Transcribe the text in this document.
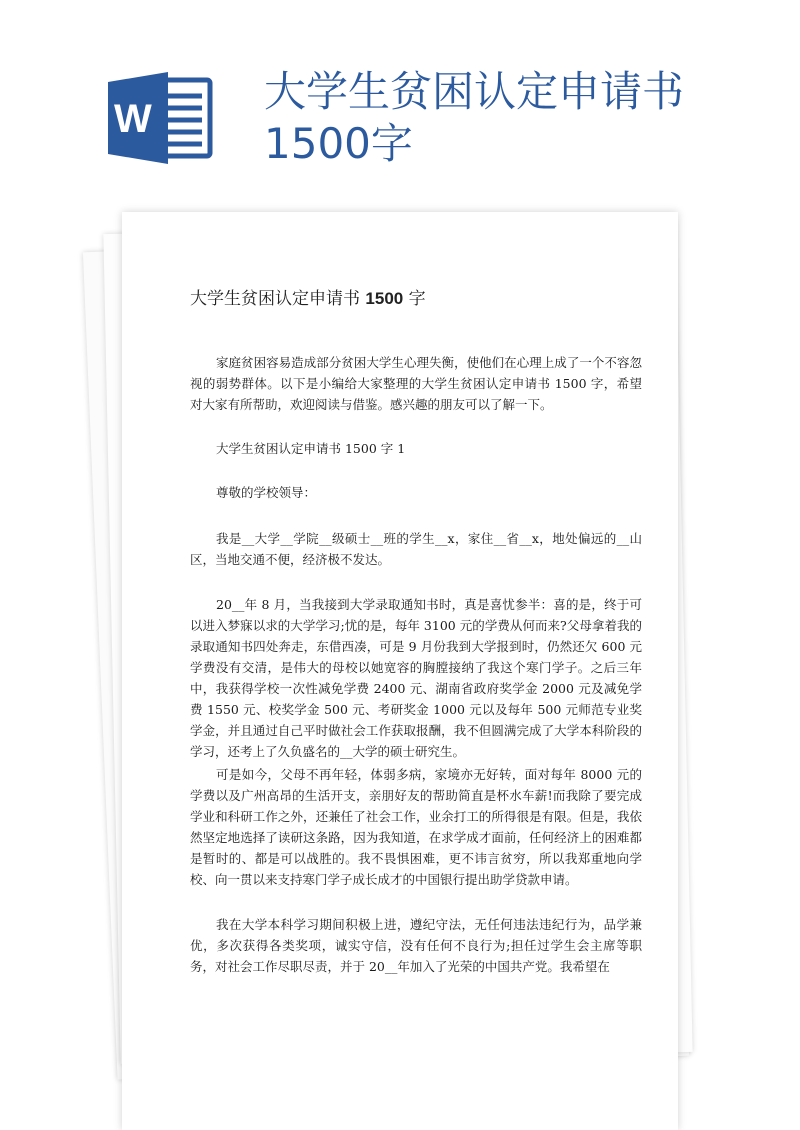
W
大学生贫困认定申请书
1500字
大学生贫困认定申请书 1500 字

家庭贫困容易造成部分贫困大学生心理失衡，使他们在心理上成了一个不容忽视的弱势群体。以下是小编给大家整理的大学生贫困认定申请书 1500 字，希望对大家有所帮助，欢迎阅读与借鉴。感兴趣的朋友可以了解一下。

大学生贫困认定申请书 1500 字 1

尊敬的学校领导：

我是__大学__学院__级硕士__班的学生__x，家住__省__x，地处偏远的__山区，当地交通不便，经济极不发达。

20__年 8 月，当我接到大学录取通知书时，真是喜忧参半：喜的是，终于可以进入梦寐以求的大学学习;忧的是，每年 3100 元的学费从何而来?父母拿着我的录取通知书四处奔走，东借西凑，可是 9 月份我到大学报到时，仍然还欠 600 元学费没有交清，是伟大的母校以她宽容的胸膛接纳了我这个寒门学子。之后三年中，我获得学校一次性减免学费 2400 元、湖南省政府奖学金 2000 元及减免学费 1550 元、校奖学金 500 元、考研奖金 1000 元以及每年 500 元师范专业奖学金，并且通过自己平时做社会工作获取报酬，我不但圆满完成了大学本科阶段的学习，还考上了久负盛名的__大学的硕士研究生。

可是如今，父母不再年轻，体弱多病，家境亦无好转，面对每年 8000 元的学费以及广州高昂的生活开支，亲朋好友的帮助简直是杯水车薪!而我除了要完成学业和科研工作之外，还兼任了社会工作，业余打工的所得很是有限。但是，我依然坚定地选择了读研这条路，因为我知道，在求学成才面前，任何经济上的困难都是暂时的、都是可以战胜的。我不畏惧困难，更不讳言贫穷，所以我郑重地向学校、向一贯以来支持寒门学子成长成才的中国银行提出助学贷款申请。

我在大学本科学习期间积极上进，遵纪守法，无任何违法违纪行为，品学兼优，多次获得各类奖项，诚实守信，没有任何不良行为;担任过学生会主席等职务，对社会工作尽职尽责，并于 20__年加入了光荣的中国共产党。我希望在
